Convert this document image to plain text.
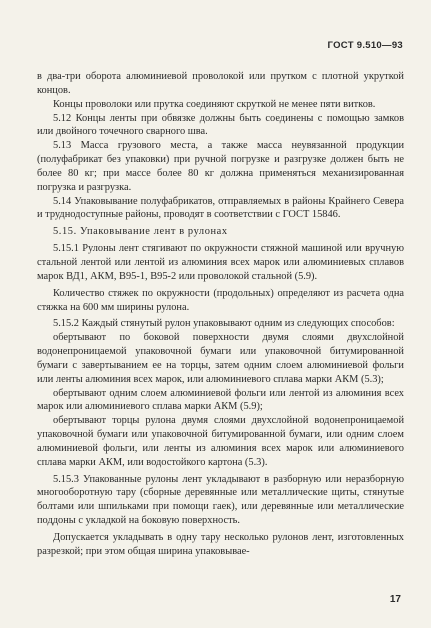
ГОСТ 9.510—93

в два-три оборота алюминиевой проволокой или прутком с плотной укруткой концов.

Концы проволоки или прутка соединяют скруткой не менее пяти витков.

5.12 Концы ленты при обвязке должны быть соединены с помощью замков или двойного точечного сварного шва.

5.13 Масса грузового места, а также масса неувязанной продукции (полуфабрикат без упаковки) при ручной погрузке и разгрузке должен быть не более 80 кг; при массе более 80 кг должна применяться механизированная погрузка и разгрузка.

5.14 Упаковывание полуфабрикатов, отправляемых в районы Крайнего Севера и труднодоступные районы, проводят в соответствии с ГОСТ 15846.

5.15. Упаковывание лент в рулонах

5.15.1 Рулоны лент стягивают по окружности стяжной машиной или вручную стальной лентой или лентой из алюминия всех марок или алюминиевых сплавов марок ВД1, АКМ, В95-1, В95-2 или проволокой стальной (5.9).

Количество стяжек по окружности (продольных) определяют из расчета одна стяжка на 600 мм ширины рулона.

5.15.2 Каждый стянутый рулон упаковывают одним из следующих способов:

обертывают по боковой поверхности двумя слоями двухслойной водонепроницаемой упаковочной бумаги или упаковочной битумированной бумаги с завертыванием ее на торцы, затем одним слоем алюминиевой фольги или ленты алюминия всех марок, или алюминиевого сплава марки АКМ (5.3);

обертывают одним слоем алюминиевой фольги или лентой из алюминия всех марок или алюминиевого сплава марки АКМ (5.9);

обертывают торцы рулона двумя слоями двухслойной водонепроницаемой упаковочной бумаги или упаковочной битумированной бумаги, или одним слоем алюминиевой фольги, или ленты из алюминия всех марок или алюминиевого сплава марки АКМ, или водостойкого картона (5.3).

5.15.3 Упакованные рулоны лент укладывают в разборную или неразборную многооборотную тару (сборные деревянные или металлические щиты, стянутые болтами или шпильками при помощи гаек), или деревянные или металлические поддоны с укладкой на боковую поверхность.

Допускается укладывать в одну тару несколько рулонов лент, изготовленных разрезкой; при этом общая ширина упаковывае-

17
